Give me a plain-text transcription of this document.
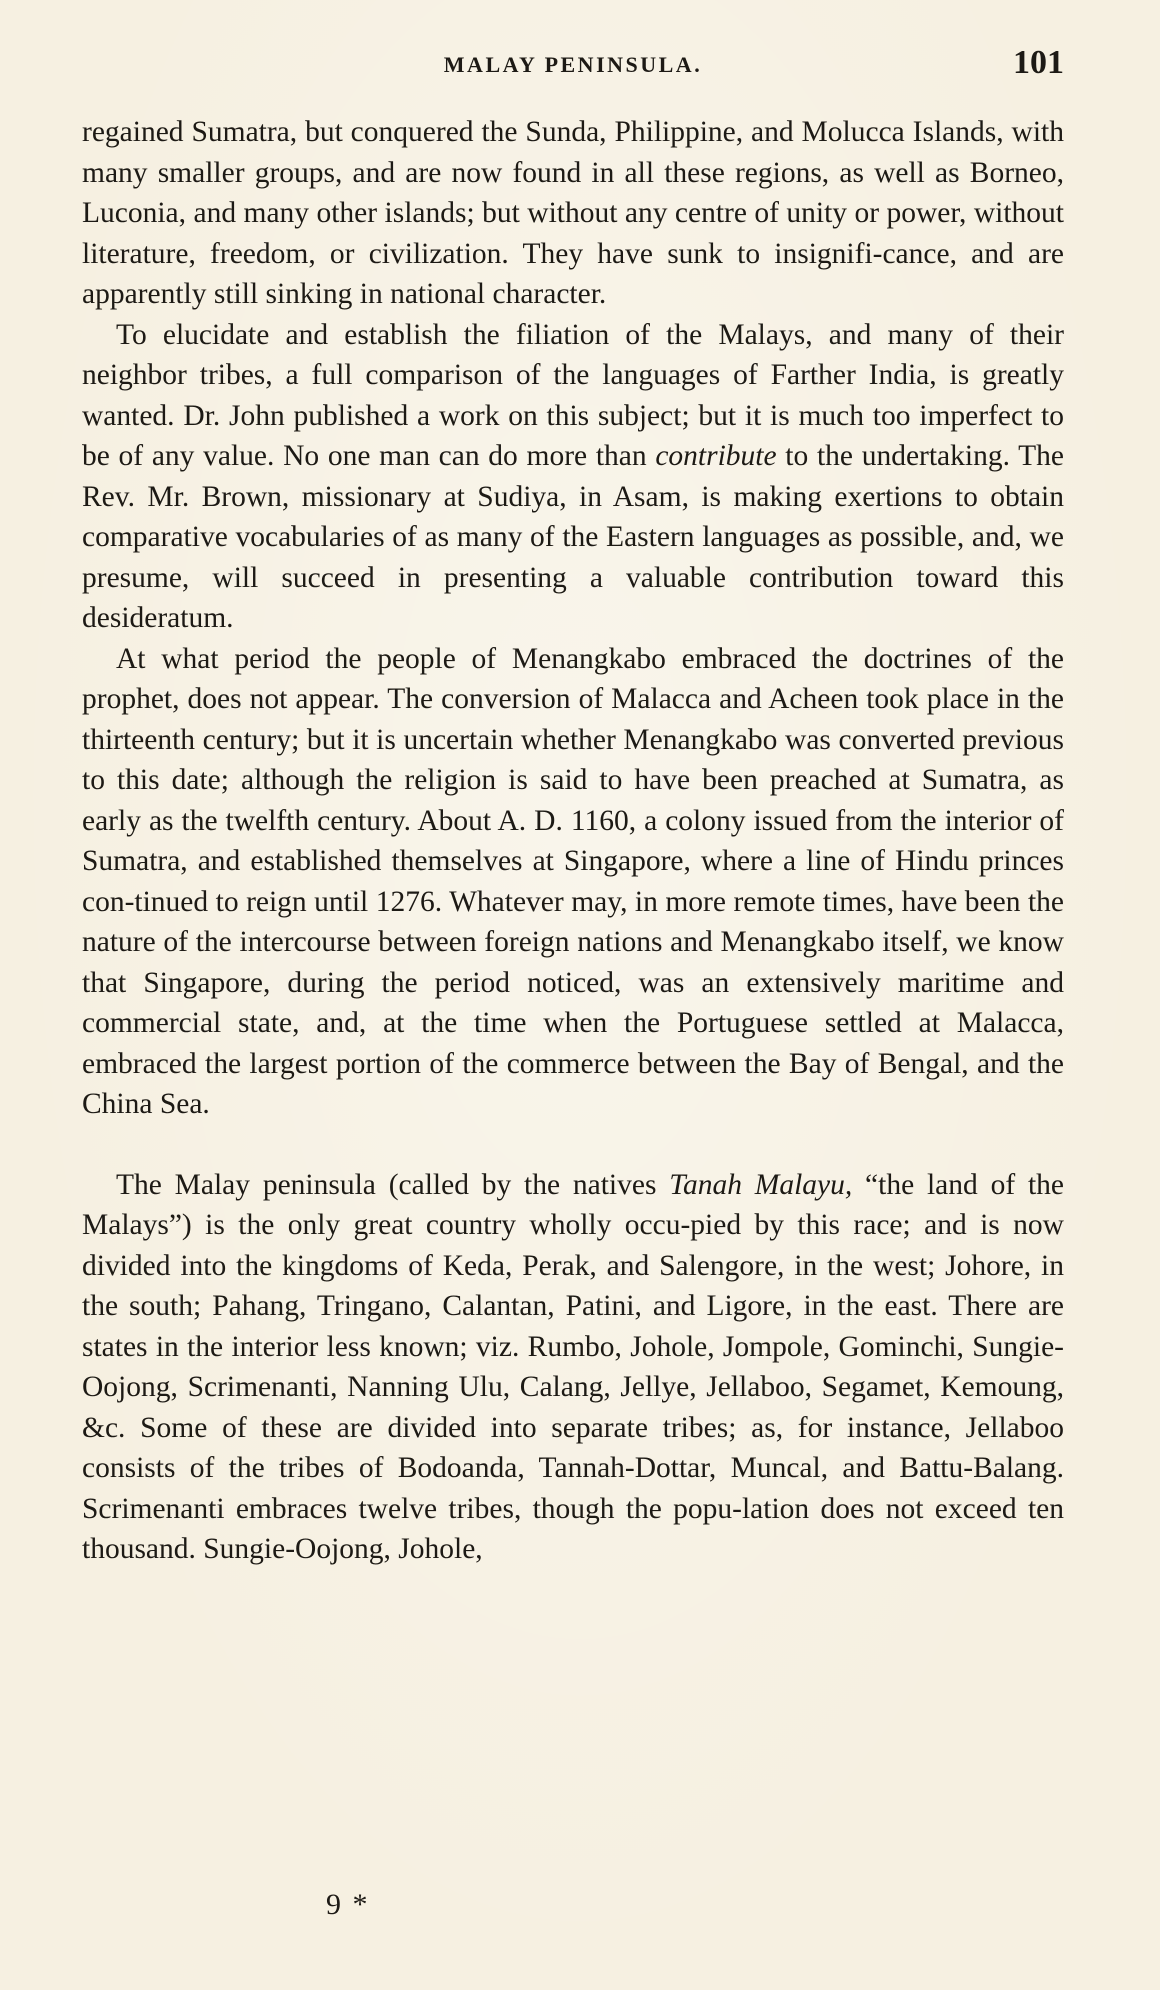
MALAY PENINSULA.	101

regained Sumatra, but conquered the Sunda, Philippine, and Molucca Islands, with many smaller groups, and are now found in all these regions, as well as Borneo, Luconia, and many other islands; but without any centre of unity or power, without literature, freedom, or civilization. They have sunk to insignifi-cance, and are apparently still sinking in national character.

To elucidate and establish the filiation of the Malays, and many of their neighbor tribes, a full comparison of the languages of Farther India, is greatly wanted. Dr. John published a work on this subject; but it is much too imperfect to be of any value. No one man can do more than contribute to the undertaking. The Rev. Mr. Brown, missionary at Sudiya, in Asam, is making exertions to obtain comparative vocabularies of as many of the Eastern languages as possible, and, we presume, will succeed in presenting a valuable contribution toward this desideratum.

At what period the people of Menangkabo embraced the doctrines of the prophet, does not appear. The conversion of Malacca and Acheen took place in the thirteenth century; but it is uncertain whether Menangkabo was converted previous to this date; although the religion is said to have been preached at Sumatra, as early as the twelfth century. About A. D. 1160, a colony issued from the interior of Sumatra, and established themselves at Singapore, where a line of Hindu princes con-tinued to reign until 1276. Whatever may, in more remote times, have been the nature of the intercourse between foreign nations and Menangkabo itself, we know that Singapore, during the period noticed, was an extensively maritime and commercial state, and, at the time when the Portuguese settled at Malacca, embraced the largest portion of the commerce between the Bay of Bengal, and the China Sea.

The Malay peninsula (called by the natives Tanah Malayu, “the land of the Malays”) is the only great country wholly occu-pied by this race; and is now divided into the kingdoms of Keda, Perak, and Salengore, in the west; Johore, in the south; Pahang, Tringano, Calantan, Patini, and Ligore, in the east. There are states in the interior less known; viz. Rumbo, Johole, Jompole, Gominchi, Sungie-Oojong, Scrimenanti, Nanning Ulu, Calang, Jellye, Jellaboo, Segamet, Kemoung, &c. Some of these are divided into separate tribes; as, for instance, Jellaboo consists of the tribes of Bodoanda, Tannah-Dottar, Muncal, and Battu-Balang. Scrimenanti embraces twelve tribes, though the popu-lation does not exceed ten thousand. Sungie-Oojong, Johole,

9 *
